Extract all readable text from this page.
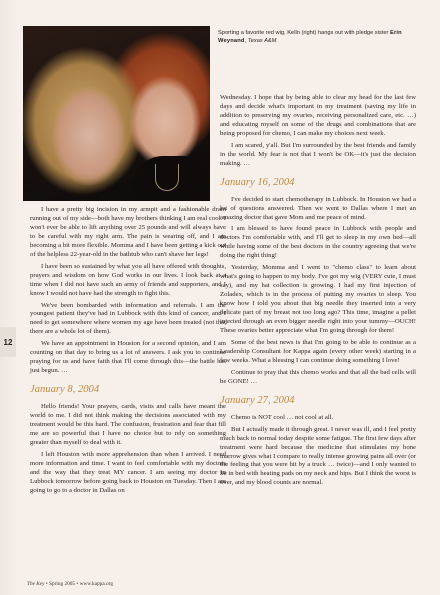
12
Sporting a favorite red wig, Kelln (right) hangs out with pledge sister Erin Weynand, Texas A&M.

I have a pretty big incision in my armpit and a fashionable drain running out of my side—both have my brothers thinking I am real cool. I won't ever be able to lift anything over 25 pounds and will always have to be careful with my right arm. The pain is wearing off, and I am becoming a bit more flexible. Momma and I have been getting a kick out of the helpless 22-year-old in the bathtub who can't shave her legs!

I have been so sustained by what you all have offered with thoughts, prayers and wisdom on how God works in our lives. I look back at a time when I did not have such an army of friends and supporters, and I know I would not have had the strength to fight this.

We've been bombarded with information and referrals. I am the youngest patient they've had in Lubbock with this kind of cancer, and I need to get somewhere where women my age have been treated (not that there are a whole lot of them).

We have an appointment in Houston for a second opinion, and I am counting on that day to bring us a lot of answers. I ask you to continue praying for us and have faith that I'll come through this—the battle has just begun. …

January 8, 2004

Hello friends! Your prayers, cards, visits and calls have meant the world to me. I did not think making the decisions associated with my treatment would be this hard. The confusion, frustration and fear that fill me are so powerful that I have no choice but to rely on something greater than myself to deal with it.

I left Houston with more apprehension than when I arrived. I need more information and time. I want to feel comfortable with my doctors and the way that they treat MY cancer. I am seeing my doctor in Lubbock tomorrow before going back to Houston on Tuesday. Then I am going to go to a doctor in Dallas on

Wednesday. I hope that by being able to clear my head for the last few days and decide what's important in my treatment (saving my life in addition to preserving my ovaries, receiving personalized care, etc. …) and educating myself on some of the drugs and combinations that are being proposed for chemo, I can make my choices next week.

I am scared, y'all. But I'm surrounded by the best friends and family in the world. My fear is not that I won't be OK—it's just the decision making. …

January 16, 2004

I've decided to start chemotherapy in Lubbock. In Houston we had a lot of questions answered. Then we went to Dallas where I met an amazing doctor that gave Mom and me peace of mind.

I am blessed to have found peace in Lubbock with people and doctors I'm comfortable with, and I'll get to sleep in my own bed—all while having some of the best doctors in the country agreeing that we're doing the right thing!

Yesterday, Momma and I went to "chemo class" to learn about what's going to happen to my body. I've got my wig (VERY cute, I must say), and my hat collection is growing. I had my first injection of Zoladex, which is in the process of putting my ovaries to sleep. You know how I told you about that big needle they inserted into a very delicate part of my breast not too long ago? This time, imagine a pellet injected through an even bigger needle right into your tummy—OUCH! These ovaries better appreciate what I'm going through for them!

Some of the best news is that I'm going to be able to continue as a Leadership Consultant for Kappa again (every other week) starting in a few weeks. What a blessing I can continue doing something I love!

Continue to pray that this chemo works and that all the bad cells will be GONE! …

January 27, 2004

Chemo is NOT cool … not cool at all.

But I actually made it through great. I never was ill, and I feel pretty much back to normal today despite some fatigue. The first few days after treatment were hard because the medicine that stimulates my bone marrow gives what I compare to really intense growing pains all over (or the feeling that you were hit by a truck … twice)—and I only wanted to lie in bed with heating pads on my neck and hips. But I think the worst is over, and my blood counts are normal.

The Key • Spring 2005 • www.kappa.org
